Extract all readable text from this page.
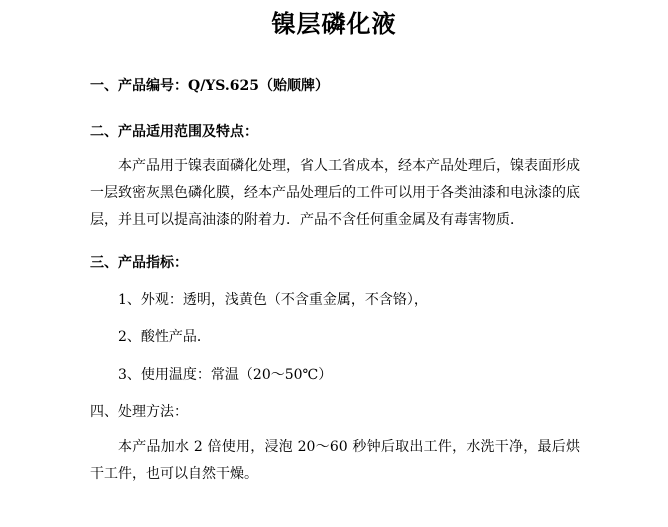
镍层磷化液
一、产品编号：Q/YS.625（贻顺牌）
二、产品适用范围及特点：
本产品用于镍表面磷化处理，省人工省成本，经本产品处理后，镍表面形成一层致密灰黑色磷化膜，经本产品处理后的工件可以用于各类油漆和电泳漆的底层，并且可以提高油漆的附着力．产品不含任何重金属及有毒害物质．
三、产品指标：
1、外观：透明，浅黄色（不含重金属，不含铬），
2、酸性产品．
3、使用温度：常温（20～50℃）
四、处理方法：
本产品加水 2 倍使用，浸泡 20～60 秒钟后取出工件，水洗干净，最后烘干工件，也可以自然干燥。
